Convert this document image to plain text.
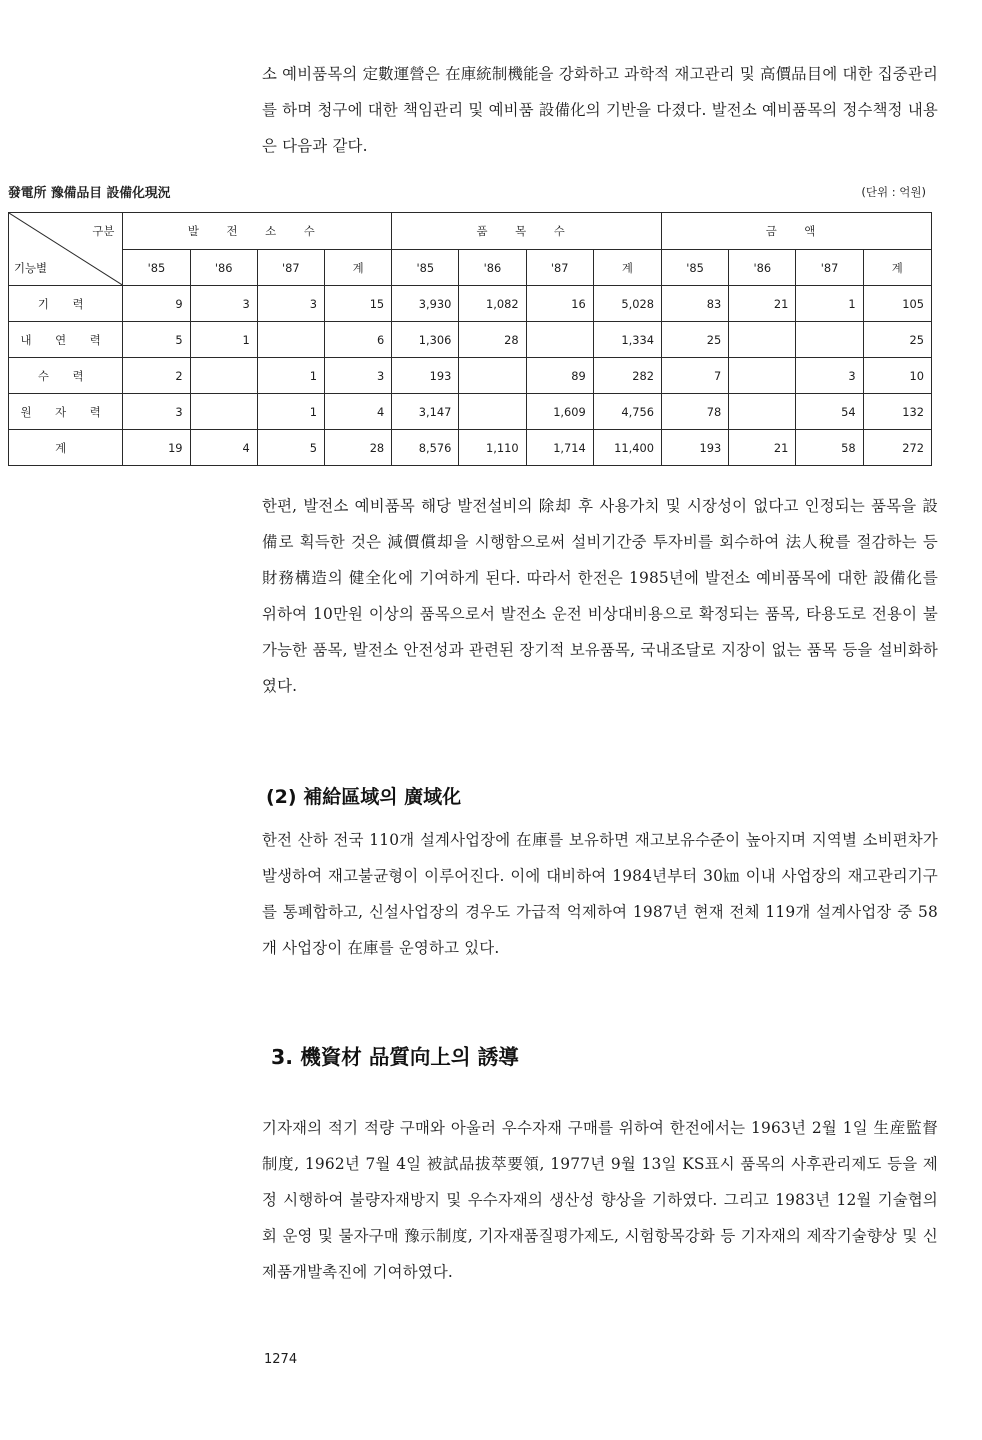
소 예비품목의 定數運營은 在庫統制機能을 강화하고 과학적 재고관리 및 高價品目에 대한 집중관리를 하며 청구에 대한 책임관리 및 예비품 設備化의 기반을 다졌다. 발전소 예비품목의 정수책정 내용은 다음과 같다.
發電所 豫備品目 設備化現況	(단위 : 억원)
구분
기능별	발 전 소 수				품 목 수				금 액			
	'85	'86	'87	계	'85	'86	'87	계	'85	'86	'87	계
기 력	9	3	3	15	3,930	1,082	16	5,028	83	21	1	105
내 연 력	5	1		6	1,306	28		1,334	25			25
수 력	2		1	3	193		89	282	7		3	10
원 자 력	3		1	4	3,147		1,609	4,756	78		54	132
계	19	4	5	28	8,576	1,110	1,714	11,400	193	21	58	272
한편, 발전소 예비품목 해당 발전설비의 除却 후 사용가치 및 시장성이 없다고 인정되는 품목을 設備로 획득한 것은 減價償却을 시행함으로써 설비기간중 투자비를 회수하여 法人稅를 절감하는 등 財務構造의 健全化에 기여하게 된다. 따라서 한전은 1985년에 발전소 예비품목에 대한 設備化를 위하여 10만원 이상의 품목으로서 발전소 운전 비상대비용으로 확정되는 품목, 타용도로 전용이 불가능한 품목, 발전소 안전성과 관련된 장기적 보유품목, 국내조달로 지장이 없는 품목 등을 설비화하였다.
(2) 補給區域의 廣域化
한전 산하 전국 110개 설계사업장에 在庫를 보유하면 재고보유수준이 높아지며 지역별 소비편차가 발생하여 재고불균형이 이루어진다. 이에 대비하여 1984년부터 30㎞ 이내 사업장의 재고관리기구를 통폐합하고, 신설사업장의 경우도 가급적 억제하여 1987년 현재 전체 119개 설계사업장 중 58개 사업장이 在庫를 운영하고 있다.
3. 機資材 品質向上의 誘導
기자재의 적기 적량 구매와 아울러 우수자재 구매를 위하여 한전에서는 1963년 2월 1일 生産監督制度, 1962년 7월 4일 被試品拔萃要領, 1977년 9월 13일 KS표시 품목의 사후관리제도 등을 제정 시행하여 불량자재방지 및 우수자재의 생산성 향상을 기하였다. 그리고 1983년 12월 기술협의회 운영 및 물자구매 豫示制度, 기자재품질평가제도, 시험항목강화 등 기자재의 제작기술향상 및 신제품개발촉진에 기여하였다.
1274
